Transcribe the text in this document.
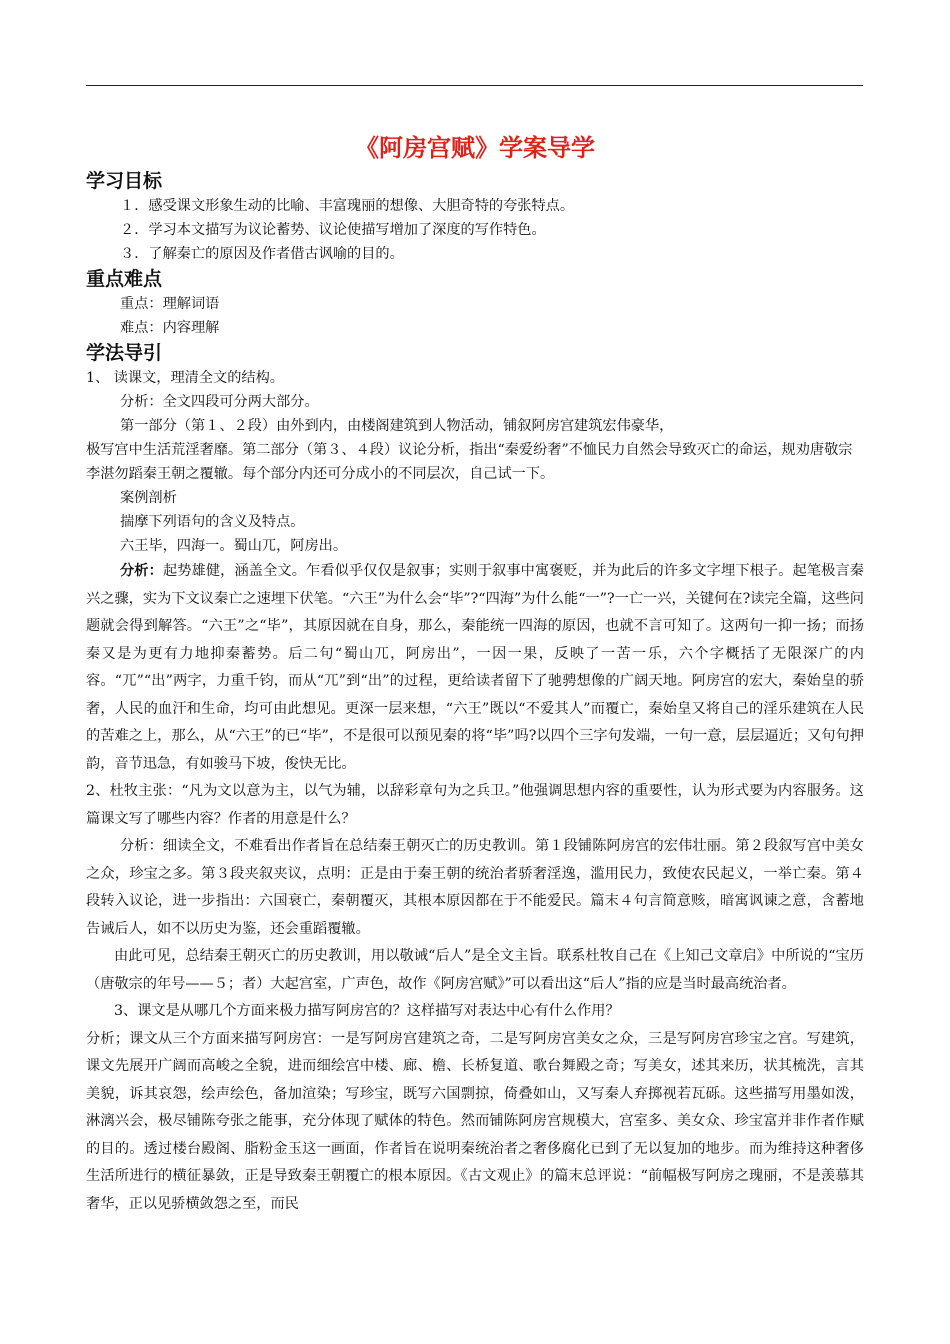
《阿房宫赋》学案导学
学习目标

１．感受课文形象生动的比喻、丰富瑰丽的想像、大胆奇特的夸张特点。

２．学习本文描写为议论蓄势、议论使描写增加了深度的写作特色。

３．了解秦亡的原因及作者借古讽喻的目的。

重点难点

重点：理解词语

难点：内容理解

学法导引

1、 读课文，理清全文的结构。

分析：全文四段可分两大部分。

第一部分（第１、２段）由外到内，由楼阁建筑到人物活动，铺叙阿房宫建筑宏伟豪华，

极写宫中生活荒淫奢靡。第二部分（第３、４段）议论分析，指出“秦爱纷奢”不恤民力自然会导致灭亡的命运，规劝唐敬宗李湛勿蹈秦王朝之覆辙。每个部分内还可分成小的不同层次，自己试一下。

案例剖析

揣摩下列语句的含义及特点。

六王毕，四海一。蜀山兀，阿房出。

分析：起势雄健，涵盖全文。乍看似乎仅仅是叙事；实则于叙事中寓褒贬，并为此后的许多文字埋下根子。起笔极言秦兴之骤，实为下文议秦亡之速埋下伏笔。“六王”为什么会“毕”?“四海”为什么能“一”?一亡一兴，关键何在?读完全篇，这些问题就会得到解答。“六王”之“毕”，其原因就在自身，那么，秦能统一四海的原因，也就不言可知了。这两句一抑一扬；而扬秦又是为更有力地抑秦蓄势。后二句“蜀山兀，阿房出”，一因一果，反映了一苦一乐，六个字概括了无限深广的内容。“兀”“出”两字，力重千钧，而从“兀”到“出”的过程，更给读者留下了驰骋想像的广阔天地。阿房宫的宏大，秦始皇的骄奢，人民的血汗和生命，均可由此想见。更深一层来想，“六王”既以“不爱其人”而覆亡，秦始皇又将自己的淫乐建筑在人民的苦难之上，那么，从“六王”的已“毕”，不是很可以预见秦的将“毕”吗?以四个三字句发端，一句一意，层层逼近；又句句押韵，音节迅急，有如骏马下坡，俊快无比。

2、杜牧主张：“凡为文以意为主，以气为辅，以辞彩章句为之兵卫。”他强调思想内容的重要性，认为形式要为内容服务。这篇课文写了哪些内容？作者的用意是什么？

分析：细读全文，不难看出作者旨在总结秦王朝灭亡的历史教训。第１段铺陈阿房宫的宏伟壮丽。第２段叙写宫中美女之众，珍宝之多。第３段夹叙夹议，点明：正是由于秦王朝的统治者骄奢淫逸，滥用民力，致使农民起义，一举亡秦。第４段转入议论，进一步指出：六国衰亡，秦朝覆灭，其根本原因都在于不能爱民。篇末４句言简意赅，暗寓讽谏之意，含蓄地告诫后人，如不以历史为鉴，还会重蹈覆辙。

由此可见，总结秦王朝灭亡的历史教训，用以敬诫“后人”是全文主旨。联系杜牧自己在《上知己文章启》中所说的“宝历（唐敬宗的年号——５；者）大起宫室，广声色，故作《阿房宫赋》”可以看出这“后人”指的应是当时最高统治者。

3、课文是从哪几个方面来极力描写阿房宫的？这样描写对表达中心有什么作用？

分析；课文从三个方面来描写阿房宫：一是写阿房宫建筑之奇，二是写阿房宫美女之众，三是写阿房宫珍宝之宫。写建筑，课文先展开广阔而高峻之全貌，进而细绘宫中楼、廊、檐、长桥复道、歌台舞殿之奇；写美女，述其来历，状其梳洗，言其美貌，诉其哀怨，绘声绘色，备加渲染；写珍宝，既写六国剽掠，倚叠如山，又写秦人弃掷视若瓦砾。这些描写用墨如泼，淋漓兴会，极尽铺陈夸张之能事，充分体现了赋体的特色。然而铺陈阿房宫规模大，宫室多、美女众、珍宝富并非作者作赋的目的。透过楼台殿阁、脂粉金玉这一画面，作者旨在说明秦统治者之奢侈腐化已到了无以复加的地步。而为维持这种奢侈生活所进行的横征暴敛，正是导致秦王朝覆亡的根本原因。《古文观止》的篇末总评说：“前幅极写阿房之瑰丽，不是羡慕其奢华，正以见骄横敛怨之至，而民
